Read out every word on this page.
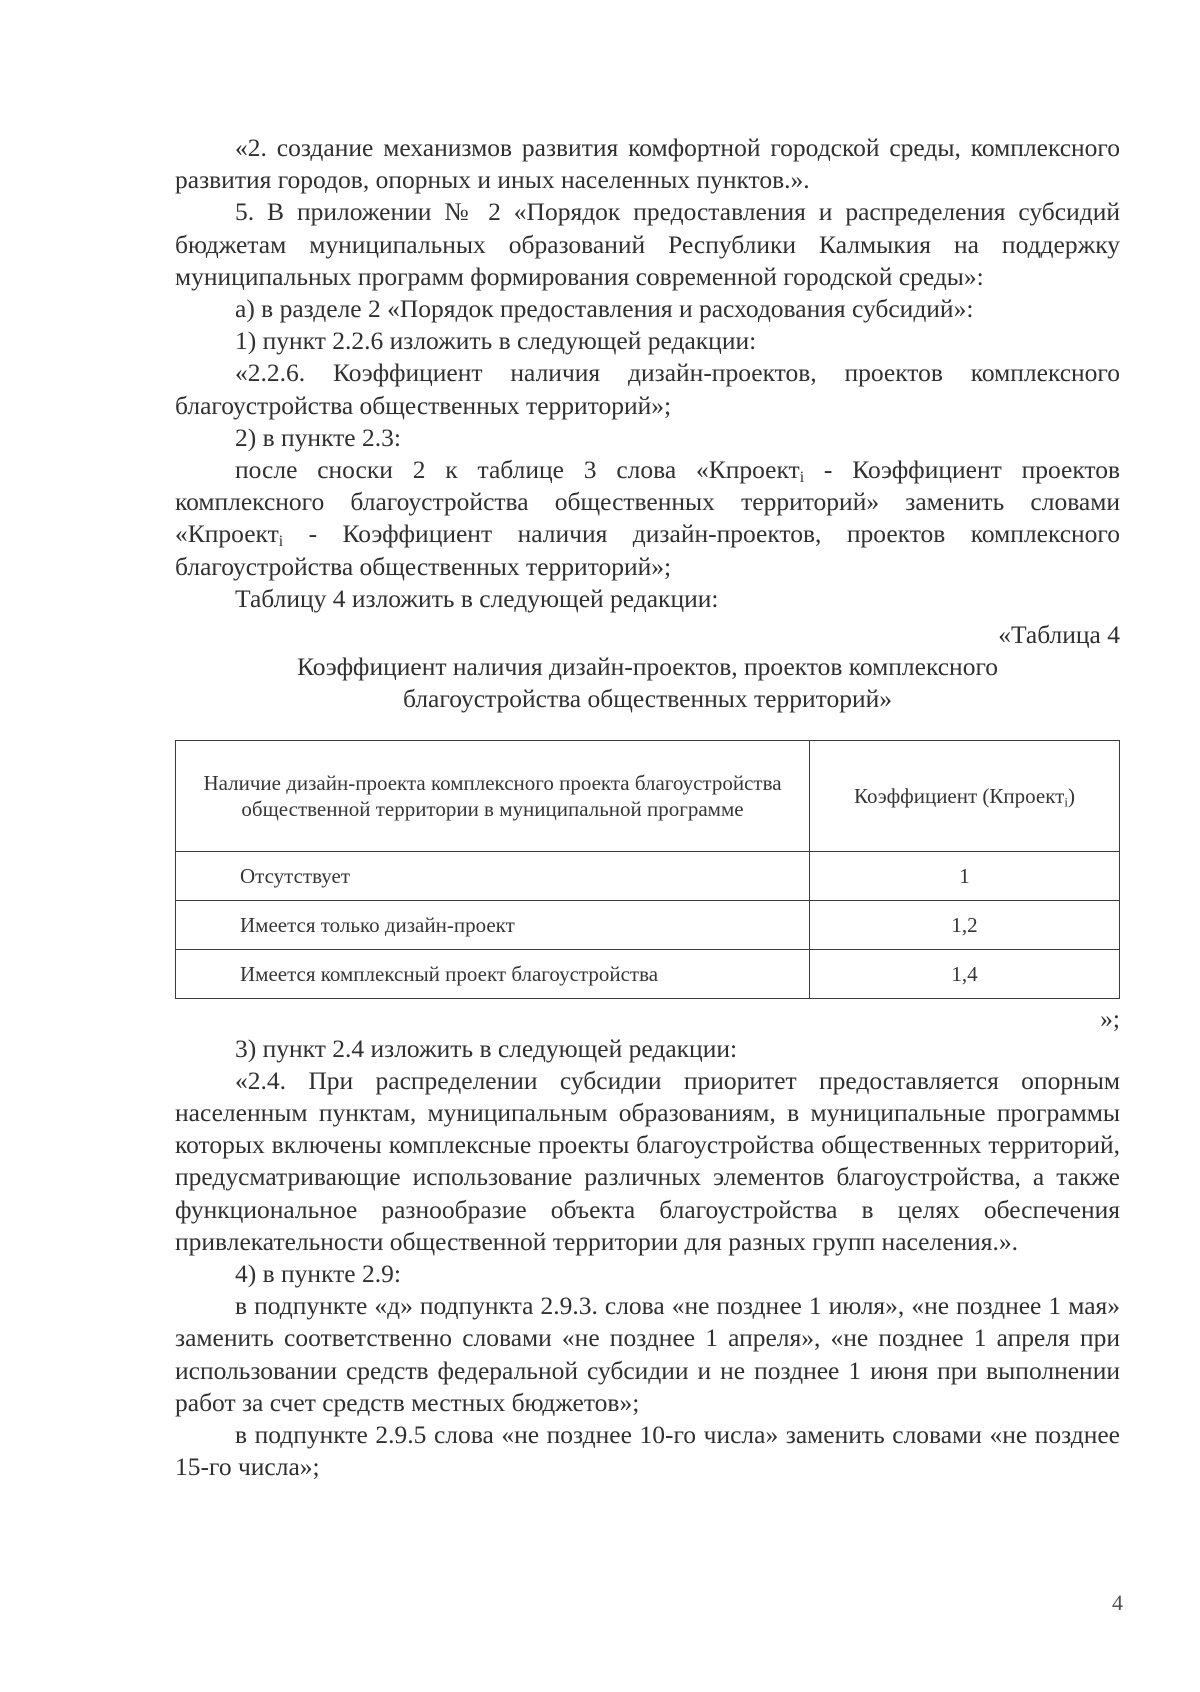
«2. создание механизмов развития комфортной городской среды, комплексного развития городов, опорных и иных населенных пунктов.».

5. В приложении № 2 «Порядок предоставления и распределения субсидий бюджетам муниципальных образований Республики Калмыкия на поддержку муниципальных программ формирования современной городской среды»:

а) в разделе 2 «Порядок предоставления и расходования субсидий»:

1) пункт 2.2.6 изложить в следующей редакции:

«2.2.6. Коэффициент наличия дизайн-проектов, проектов комплексного благоустройства общественных территорий»;

2) в пункте 2.3:

после сноски 2 к таблице 3 слова «Кпроект$_i$ - Коэффициент проектов комплексного благоустройства общественных территорий» заменить словами «Кпроект$_i$ - Коэффициент наличия дизайн-проектов, проектов комплексного благоустройства общественных территорий»;

Таблицу 4 изложить в следующей редакции:

«Таблица 4

Коэффициент наличия дизайн-проектов, проектов комплексного

благоустройства общественных территорий»

Наличие дизайн-проекта комплексного проекта благоустройства общественной территории в муниципальной программе	Коэффициент (Кпроект$_i$)
Отсутствует	1
Имеется только дизайн-проект	1,2
Имеется комплексный проект благоустройства	1,4
»;

3) пункт 2.4 изложить в следующей редакции:

«2.4. При распределении субсидии приоритет предоставляется опорным населенным пунктам, муниципальным образованиям, в муниципальные программы которых включены комплексные проекты благоустройства общественных территорий, предусматривающие использование различных элементов благоустройства, а также функциональное разнообразие объекта благоустройства в целях обеспечения привлекательности общественной территории для разных групп населения.».

4) в пункте 2.9:

в подпункте «д» подпункта 2.9.3. слова «не позднее 1 июля», «не позднее 1 мая» заменить соответственно словами «не позднее 1 апреля», «не позднее 1 апреля при использовании средств федеральной субсидии и не позднее 1 июня при выполнении работ за счет средств местных бюджетов»;

в подпункте 2.9.5 слова «не позднее 10-го числа» заменить словами «не позднее 15-го числа»;

4
